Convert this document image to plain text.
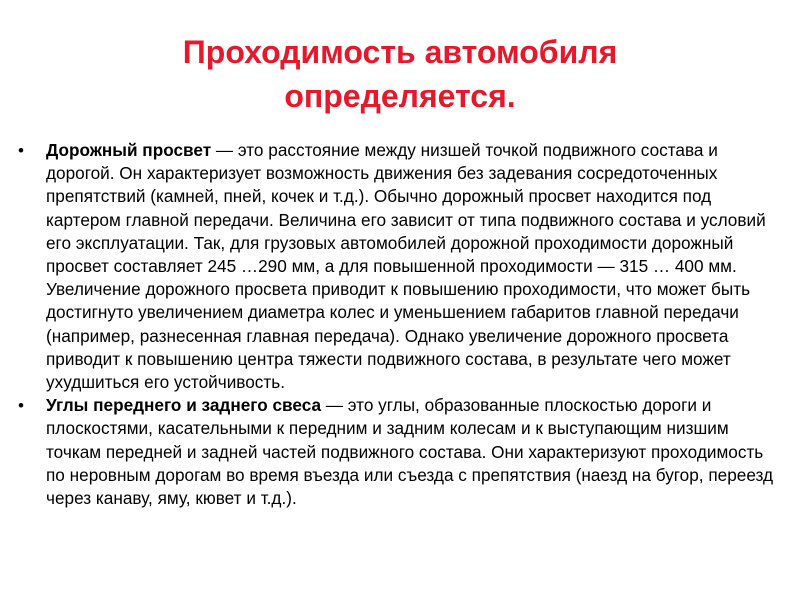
Проходимость автомобиля
определяется.
• Дорожный просвет — это расстояние между низшей точкой подвижного состава и дорогой. Он характеризует возможность движения без задевания сосредоточенных препятствий (камней, пней, кочек и т.д.). Обычно дорожный просвет находится под картером главной передачи. Величина его зависит от типа подвижного состава и условий его эксплуатации. Так, для грузовых автомобилей дорожной проходимости дорожный просвет составляет 245 …290 мм, а для повышенной проходимости — 315 … 400 мм. Увеличение дорожного просвета приводит к повышению проходимости, что может быть достигнуто увеличением диаметра колес и уменьшением габаритов главной передачи (например, разнесенная главная передача). Однако увеличение дорожного просвета приводит к повышению центра тяжести подвижного состава, в результате чего может ухудшиться его устойчивость.
• Углы переднего и заднего свеса — это углы, образованные плоскостью дороги и плоскостями, касательными к передним и задним колесам и к выступающим низшим точкам передней и задней частей подвижного состава. Они характеризуют проходимость по неровным дорогам во время въезда или съезда с препятствия (наезд на бугор, переезд через канаву, яму, кювет и т.д.).
